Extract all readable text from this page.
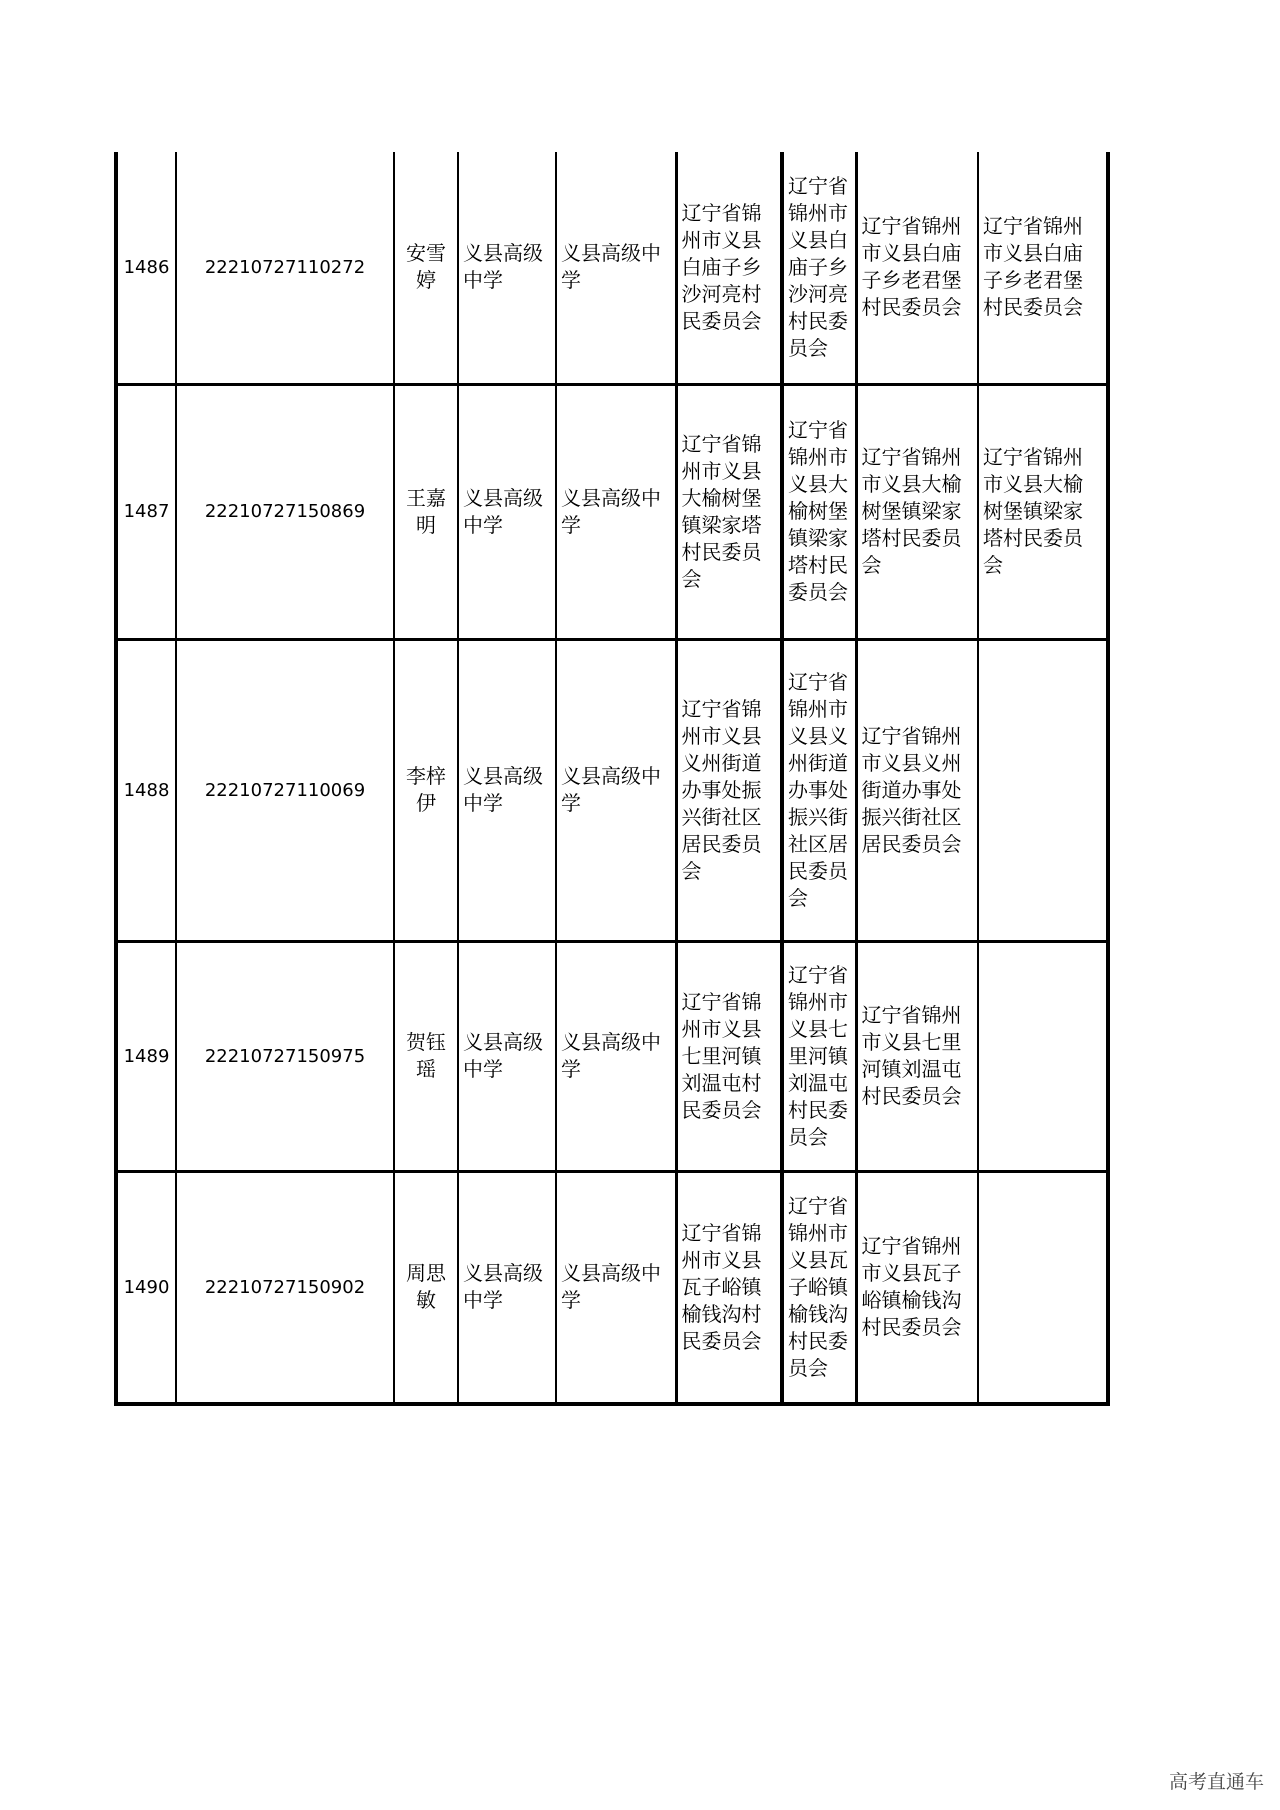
1486	22210727110272	安雪婷	义县高级中学	义县高级中学	辽宁省锦州市义县白庙子乡沙河亮村民委员会	辽宁省锦州市义县白庙子乡沙河亮村民委员会	辽宁省锦州市义县白庙子乡老君堡村民委员会	辽宁省锦州市义县白庙子乡老君堡村民委员会
1487	22210727150869	王嘉明	义县高级中学	义县高级中学	辽宁省锦州市义县大榆树堡镇梁家塔村民委员会	辽宁省锦州市义县大榆树堡镇梁家塔村民委员会	辽宁省锦州市义县大榆树堡镇梁家塔村民委员会	辽宁省锦州市义县大榆树堡镇梁家塔村民委员会
1488	22210727110069	李梓伊	义县高级中学	义县高级中学	辽宁省锦州市义县义州街道办事处振兴街社区居民委员会	辽宁省锦州市义县义州街道办事处振兴街社区居民委员会	辽宁省锦州市义县义州街道办事处振兴街社区居民委员会	
1489	22210727150975	贺钰瑶	义县高级中学	义县高级中学	辽宁省锦州市义县七里河镇刘温屯村民委员会	辽宁省锦州市义县七里河镇刘温屯村民委员会	辽宁省锦州市义县七里河镇刘温屯村民委员会	
1490	22210727150902	周思敏	义县高级中学	义县高级中学	辽宁省锦州市义县瓦子峪镇榆钱沟村民委员会	辽宁省锦州市义县瓦子峪镇榆钱沟村民委员会	辽宁省锦州市义县瓦子峪镇榆钱沟村民委员会	
高考直通车
